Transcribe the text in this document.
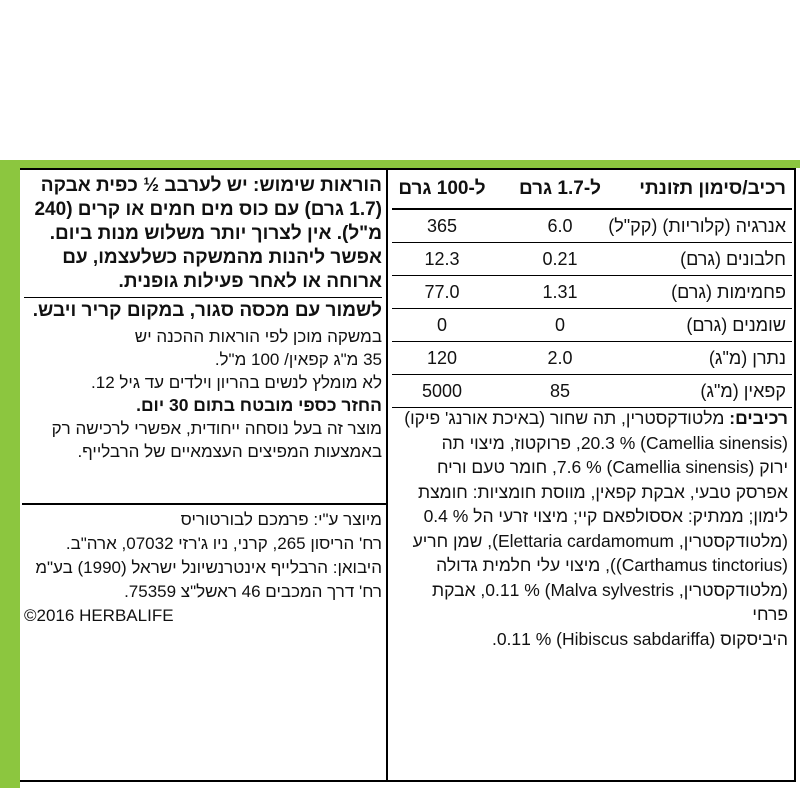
רכיב/סימון תזונתי
ל-1.7 גרם
ל-100 גרם
אנרגיה (קלוריות) (קק"ל)
6.0
365
חלבונים (גרם)
0.21
12.3
פחמימות (גרם)
1.31
77.0
שומנים (גרם)
0
0
נתרן (מ"ג)
2.0
120
קפאין (מ"ג)
85
5000
רכיבים: מלטודקסטרין, תה שחור (באיכת אורנג' פיקו)
(Camellia sinensis) % 20.3, פרוקטוז, מיצוי תה
ירוק (Camellia sinensis) % 7.6, חומר טעם וריח
אפרסק טבעי, אבקת קפאין, מווסת חומציות: חומצת
לימון; ממתיק: אססולפאם קיי; מיצוי זרעי הל % 0.4
(מלטודקסטרין, Elettaria cardamomum), שמן חריע
(Carthamus tinctorius)), מיצוי עלי חלמית גדולה
(מלטודקסטרין, Malva sylvestris) % 0.11, אבקת פרחי
היביסקוס (Hibiscus sabdariffa) % 0.11.
הוראות שימוש: יש לערבב ½ כפית אבקה
(1.7 גרם) עם כוס מים חמים או קרים (240
מ"ל). אין לצרוך יותר משלוש מנות ביום.
אפשר ליהנות מהמשקה כשלעצמו, עם
ארוחה או לאחר פעילות גופנית.
לשמור עם מכסה סגור, במקום קריר ויבש.
במשקה מוכן לפי הוראות ההכנה יש
35 מ"ג קפאין/ 100 מ"ל.
לא מומלץ לנשים בהריון וילדים עד גיל 12.
החזר כספי מובטח בתום 30 יום.
מוצר זה בעל נוסחה ייחודית, אפשרי לרכישה רק
באמצעות המפיצים העצמאיים של הרבלייף.
מיוצר ע"י: פרמכם לבורטוריס
רח' הריסון 265, קרני, ניו ג'רזי 07032, ארה"ב.
היבואן: הרבלייף אינטרנשיונל ישראל (1990) בע"מ
רח' דרך המכבים 46 ראשל"צ 75359.
©2016 HERBALIFE
